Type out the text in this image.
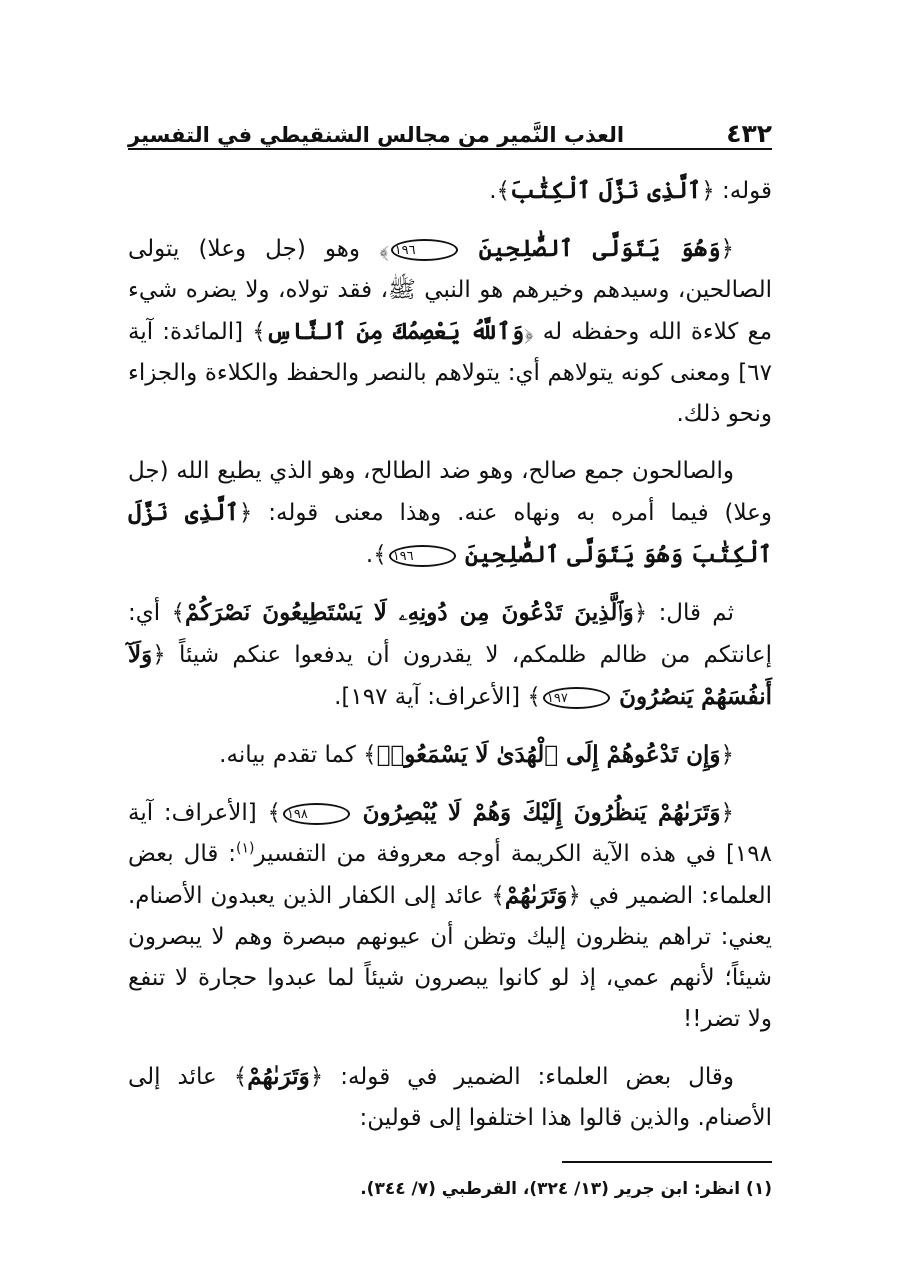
٤٣٢
العذب النَّمير من مجالس الشنقيطي في التفسير

قوله: ﴿ٱلَّذِى نَزَّلَ ٱلْكِتَٰبَ﴾.

﴿وَهُوَ يَتَوَلَّى ٱلصَّٰلِحِينَ ١٩٦﴾ وهو (جل وعلا) يتولى الصالحين، وسيدهم وخيرهم هو النبي ﷺ، فقد تولاه، ولا يضره شيء مع كلاءة الله وحفظه له ﴿وَٱللَّهُ يَعْصِمُكَ مِنَ ٱلنَّاسِ﴾ [المائدة: آية ٦٧] ومعنى كونه يتولاهم أي: يتولاهم بالنصر والحفظ والكلاءة والجزاء ونحو ذلك.

والصالحون جمع صالح، وهو ضد الطالح، وهو الذي يطيع الله (جل وعلا) فيما أمره به ونهاه عنه. وهذا معنى قوله: ﴿ٱلَّذِى نَزَّلَ ٱلْكِتَٰبَ وَهُوَ يَتَوَلَّى ٱلصَّٰلِحِينَ ١٩٦﴾.

ثم قال: ﴿وَٱلَّذِينَ تَدْعُونَ مِن دُونِهِۦ لَا يَسْتَطِيعُونَ نَصْرَكُمْ﴾ أي: إعانتكم من ظالم ظلمكم، لا يقدرون أن يدفعوا عنكم شيئاً ﴿وَلَآ أَنفُسَهُمْ يَنصُرُونَ ١٩٧﴾ [الأعراف: آية ١٩٧].

﴿وَإِن تَدْعُوهُمْ إِلَى ٱلْهُدَىٰ لَا يَسْمَعُوا۟﴾ كما تقدم بيانه.

﴿وَتَرَىٰهُمْ يَنظُرُونَ إِلَيْكَ وَهُمْ لَا يُبْصِرُونَ ١٩٨﴾ [الأعراف: آية ١٩٨] في هذه الآية الكريمة أوجه معروفة من التفسير$^{(١)}$: قال بعض العلماء: الضمير في ﴿وَتَرَىٰهُمْ﴾ عائد إلى الكفار الذين يعبدون الأصنام. يعني: تراهم ينظرون إليك وتظن أن عيونهم مبصرة وهم لا يبصرون شيئاً؛ لأنهم عمي، إذ لو كانوا يبصرون شيئاً لما عبدوا حجارة لا تنفع ولا تضر!!

وقال بعض العلماء: الضمير في قوله: ﴿وَتَرَىٰهُمْ﴾ عائد إلى الأصنام. والذين قالوا هذا اختلفوا إلى قولين:

(١) انظر: ابن جرير (١٣/ ٣٢٤)، القرطبي (٧/ ٣٤٤).
